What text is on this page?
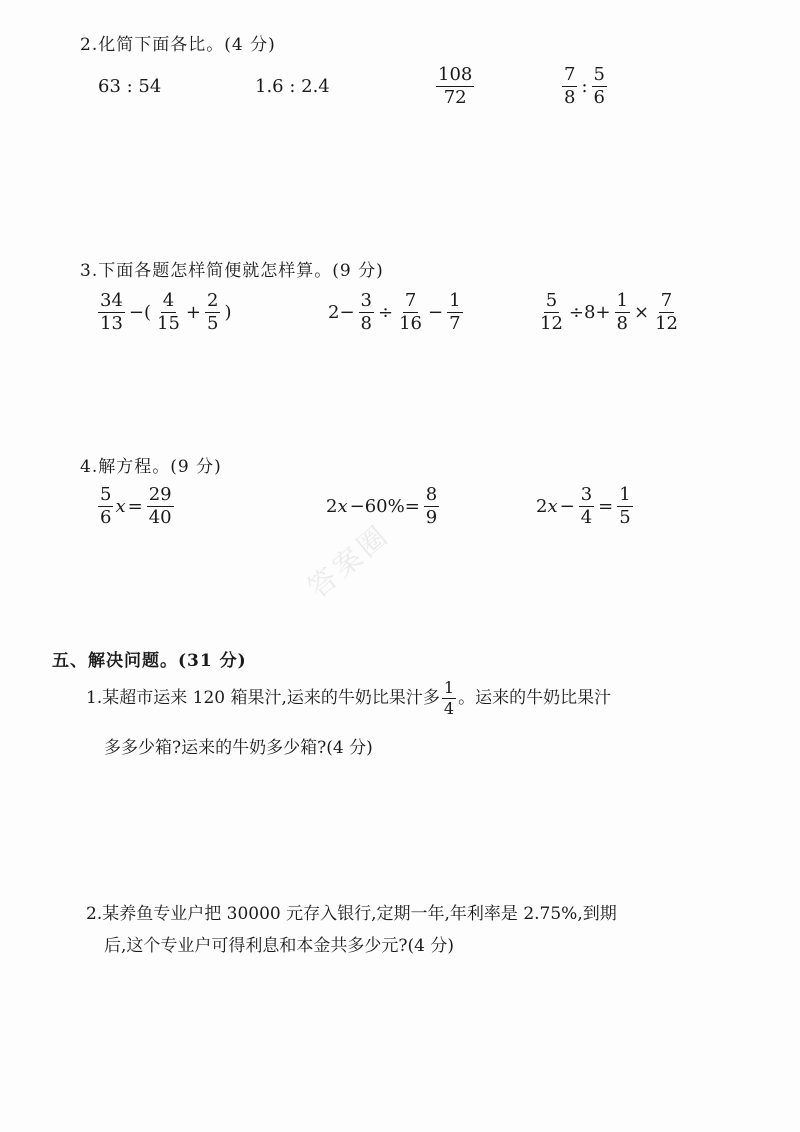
2.化简下面各比。(4 分)
63 : 54	1.6 : 2.4	$\frac{108}{72}$	$\frac{7}{8}$ : $\frac{5}{6}$
3.下面各题怎样简便就怎样算。(9 分)
$\frac{34}{13}$ −( $\frac{4}{15} + \frac{2}{5}$ )	$2- \frac{3}{8} \div \frac{7}{16} - \frac{1}{7}$	$\frac{5}{12} \div 8+ \frac{1}{8} \times \frac{7}{12}$
4.解方程。(9 分)
$\frac{5}{6}$ $x = \frac{29}{40}$	2 $x -60\%= \frac{8}{9}$	2 $x - \frac{3}{4} = \frac{1}{5}$
答案圈
五、解决问题。(31 分)
1.某超市运来 120 箱果汁,运来的牛奶比果汁多 $\frac{1}{4}$ 。运来的牛奶比果汁
多多少箱?运来的牛奶多少箱?(4 分)
2.某养鱼专业户把 30000 元存入银行,定期一年,年利率是 2.75%,到期
后,这个专业户可得利息和本金共多少元?(4 分)
